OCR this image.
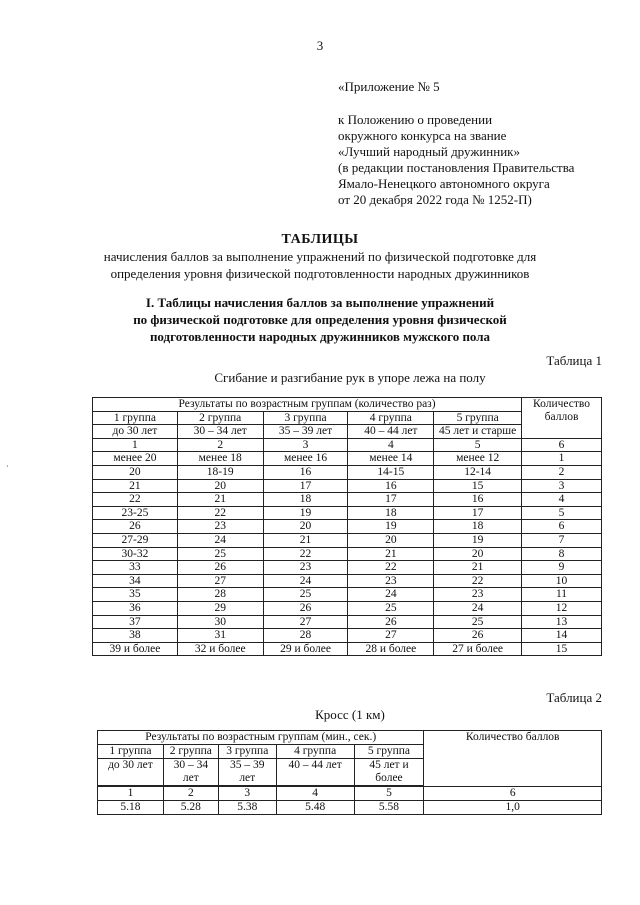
3
«Приложение № 5
к Положению о проведении
окружного конкурса на звание
«Лучший народный дружинник»
(в редакции постановления Правительства
Ямало-Ненецкого автономного округа
от 20 декабря 2022 года № 1252-П)
ТАБЛИЦЫ
начисления баллов за выполнение упражнений по физической подготовке для
определения уровня физической подготовленности народных дружинников
I. Таблицы начисления баллов за выполнение упражнений
по физической подготовке для определения уровня физической
подготовленности народных дружинников мужского пола
·
Таблица 1
Сгибание и разгибание рук в упоре лежа на полу
Результаты по возрастным группам (количество раз)					Количество баллов
1 группа	2 группа	3 группа	4 группа	5 группа	
до 30 лет	30 – 34 лет	35 – 39 лет	40 – 44 лет	45 лет и старше	
1	2	3	4	5	6
менее 20	менее 18	менее 16	менее 14	менее 12	1
20	18-19	16	14-15	12-14	2
21	20	17	16	15	3
22	21	18	17	16	4
23-25	22	19	18	17	5
26	23	20	19	18	6
27-29	24	21	20	19	7
30-32	25	22	21	20	8
33	26	23	22	21	9
34	27	24	23	22	10
35	28	25	24	23	11
36	29	26	25	24	12
37	30	27	26	25	13
38	31	28	27	26	14
39 и более	32 и более	29 и более	28 и более	27 и более	15
Таблица 2
Кросс (1 км)
Результаты по возрастным группам (мин., сек.)					Количество баллов
1 группа	2 группа	3 группа	4 группа	5 группа	
до 30 лет	30 – 34 лет	35 – 39 лет	40 – 44 лет	45 лет и более	
1	2	3	4	5	6
5.18	5.28	5.38	5.48	5.58	1,0
